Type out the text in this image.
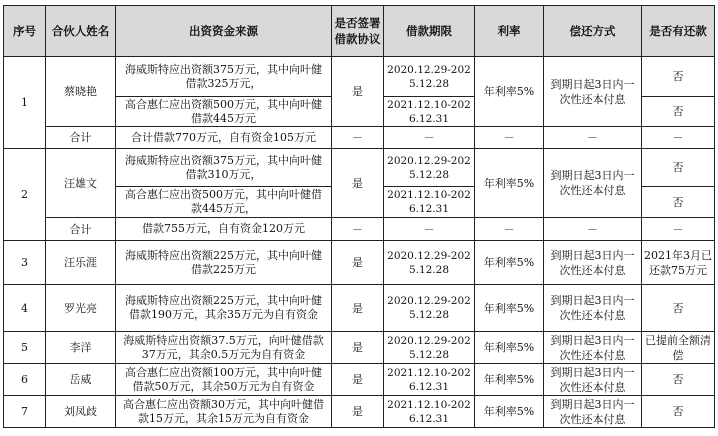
序号	合伙人姓名	出资资金来源	是否签署借款协议	借款期限	利率	偿还方式	是否有还款
1	蔡晓艳	海威斯特应出资额375万元，其中向叶健借款325万元，	是	2020.12.29-2025.12.28	年利率5%	到期日起3日内一次性还本付息	否
		高合惠仁应出资额500万元，其中向叶健借款445万元		2021.12.10-2026.12.31			否
	合计	合计借款770万元，自有资金105万元	－	－	－	－	－
2	汪雄文	海威斯特应出资额375万元，其中向叶健借款310万元，	是	2020.12.29-2025.12.28	年利率5%	到期日起3日内一次性还本付息	否
		高合惠仁应出资500万元，其中向叶健借款445万元，		2021.12.10-2026.12.31			否
	合计	借款755万元，自有资金120万元	－	－	－	－	－
3	汪乐涯	海威斯特应出资额225万元，其中向叶健借款225万元	是	2020.12.29-2025.12.28	年利率5%	到期日起3日内一次性还本付息	2021年3月已还款75万元
4	罗光亮	海威斯特应出资额225万元，其中向叶健借款190万元，其余35万元为自有资金	是	2020.12.29-2025.12.28	年利率5%	到期日起3日内一次性还本付息	否
5	李洋	海威斯特应出资额37.5万元，向叶健借款37万元，其余0.5万元为自有资金	是	2020.12.29-2025.12.28	年利率5%	到期日起3日内一次性还本付息	已提前全额清偿
6	岳威	高合惠仁应出资额100万元，其中向叶健借款50万元，其余50万元为自有资金	是	2021.12.10-2026.12.31	年利率5%	到期日起3日内一次性还本付息	否
7	刘凤歧	高合惠仁应出资额30万元，其中向叶健借款15万元，其余15万元为自有资金	是	2021.12.10-2026.12.31	年利率5%	到期日起3日内一次性还本付息	否
